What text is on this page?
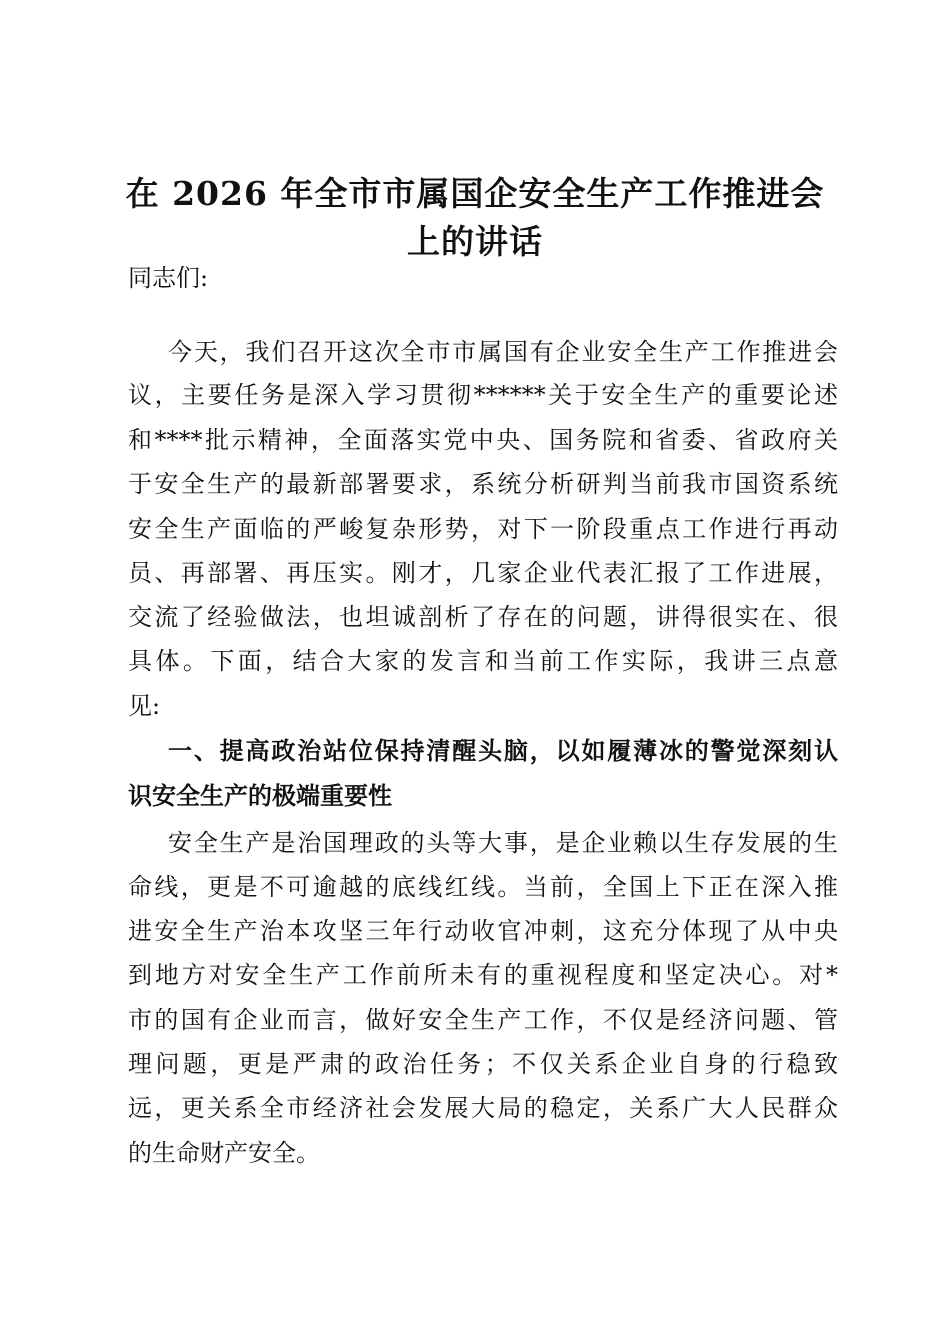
在 2026 年全市市属国企安全生产工作推进会
上的讲话

同志们:

今天，我们召开这次全市市属国有企业安全生产工作推进会

议，主要任务是深入学习贯彻******关于安全生产的重要论述

和****批示精神，全面落实党中央、国务院和省委、省政府关

于安全生产的最新部署要求，系统分析研判当前我市国资系统

安全生产面临的严峻复杂形势，对下一阶段重点工作进行再动

员、再部署、再压实。刚才，几家企业代表汇报了工作进展，

交流了经验做法，也坦诚剖析了存在的问题，讲得很实在、很

具体。下面，结合大家的发言和当前工作实际，我讲三点意

见:

一、提高政治站位保持清醒头脑，以如履薄冰的警觉深刻认

识安全生产的极端重要性

安全生产是治国理政的头等大事，是企业赖以生存发展的生

命线，更是不可逾越的底线红线。当前，全国上下正在深入推

进安全生产治本攻坚三年行动收官冲刺，这充分体现了从中央

到地方对安全生产工作前所未有的重视程度和坚定决心。对*

市的国有企业而言，做好安全生产工作，不仅是经济问题、管

理问题，更是严肃的政治任务；不仅关系企业自身的行稳致

远，更关系全市经济社会发展大局的稳定，关系广大人民群众

的生命财产安全。
